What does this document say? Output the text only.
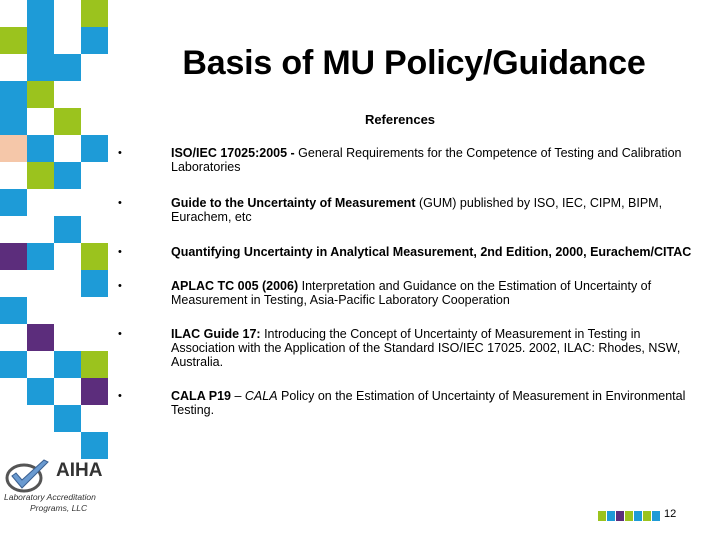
Basis of MU Policy/Guidance
References
•	ISO/IEC 17025:2005 - General Requirements for the Competence of Testing and Calibration Laboratories
•	Guide to the Uncertainty of Measurement (GUM) published by ISO, IEC, CIPM, BIPM, Eurachem, etc
•	Quantifying Uncertainty in Analytical Measurement, 2nd Edition, 2000, Eurachem/CITAC
•	APLAC TC 005 (2006) Interpretation and Guidance on the Estimation of Uncertainty of Measurement in Testing, Asia-Pacific Laboratory Cooperation
•	ILAC Guide 17: Introducing the Concept of Uncertainty of Measurement in Testing in Association with the Application of the Standard ISO/IEC 17025. 2002, ILAC: Rhodes, NSW, Australia.
•	CALA P19 – CALA Policy on the Estimation of Uncertainty of Measurement in Environmental Testing.
AIHA
Laboratory Accreditation
Programs, LLC	12
